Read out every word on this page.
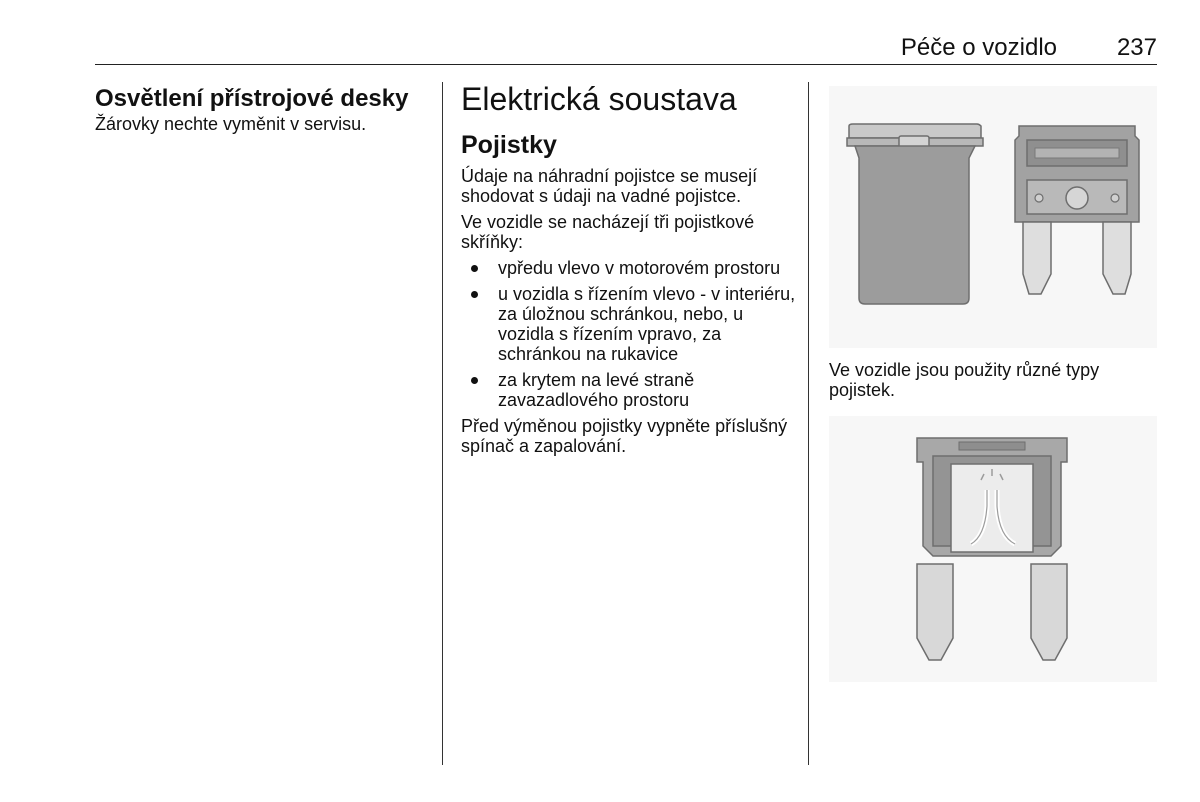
Péče o vozidlo 237
Osvětlení přístrojové desky

Žárovky nechte vyměnit v servisu.

Elektrická soustava
Pojistky

Údaje na náhradní pojistce se musejí shodovat s údaji na vadné pojistce.

Ve vozidle se nacházejí tři pojistkové skříňky:

vpředu vlevo v motorovém prostoru
u vozidla s řízením vlevo - v interiéru, za úložnou schránkou, nebo, u vozidla s řízením vpravo, za schránkou na rukavice
za krytem na levé straně zavazadlového prostoru

Před výměnou pojistky vypněte příslušný spínač a zapalování.

Ve vozidle jsou použity různé typy pojistek.
